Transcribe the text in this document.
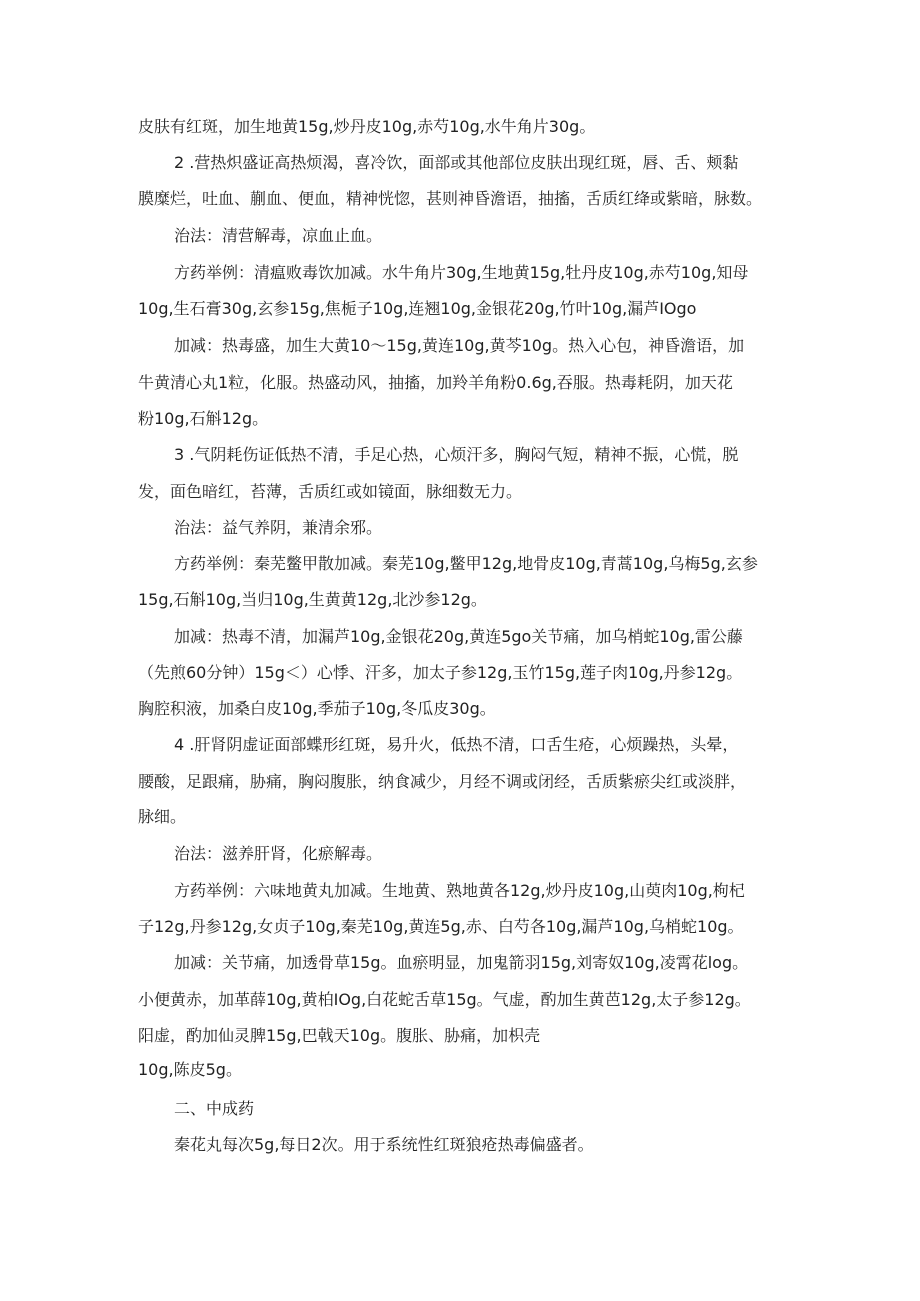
皮肤有红斑，加生地黄15g,炒丹皮10g,赤芍10g,水牛角片30g。
2 .营热炽盛证高热烦渴，喜冷饮，面部或其他部位皮肤出现红斑，唇、舌、颊黏
膜糜烂，吐血、蒯血、便血，精神恍惚，甚则神昏澹语，抽搐，舌质红绛或紫暗，脉数。
治法：清营解毒，凉血止血。
方药举例：清瘟败毒饮加减。水牛角片30g,生地黄15g,牡丹皮10g,赤芍10g,知母
10g,生石膏30g,玄参15g,焦栀子10g,连翘10g,金银花20g,竹叶10g,漏芦IOgo
加减：热毒盛，加生大黄10～15g,黄连10g,黄芩10g。热入心包，神昏澹语，加
牛黄清心丸1粒，化服。热盛动风，抽搐，加羚羊角粉0.6g,吞服。热毒耗阴，加天花
粉10g,石斛12g。
3 .气阴耗伤证低热不清，手足心热，心烦汗多，胸闷气短，精神不振，心慌，脱
发，面色暗红，苔薄，舌质红或如镜面，脉细数无力。
治法：益气养阴，兼清余邪。
方药举例：秦芜鳖甲散加减。秦芜10g,鳖甲12g,地骨皮10g,青蒿10g,乌梅5g,玄参
15g,石斛10g,当归10g,生黄黄12g,北沙参12g。
加减：热毒不清，加漏芦10g,金银花20g,黄连5go关节痛，加乌梢蛇10g,雷公藤
（先煎60分钟）15g＜）心悸、汗多，加太子参12g,玉竹15g,莲子肉10g,丹参12g。
胸腔积液，加桑白皮10g,季茄子10g,冬瓜皮30g。
4 .肝肾阴虚证面部蝶形红斑，易升火，低热不清，口舌生疮，心烦躁热，头晕，
腰酸，足跟痛，胁痛，胸闷腹胀，纳食减少，月经不调或闭经，舌质紫瘀尖红或淡胖，
脉细。
治法：滋养肝肾，化瘀解毒。
方药举例：六味地黄丸加减。生地黄、熟地黄各12g,炒丹皮10g,山萸肉10g,枸杞
子12g,丹参12g,女贞子10g,秦芜10g,黄连5g,赤、白芍各10g,漏芦10g,乌梢蛇10g。
加减：关节痛，加透骨草15g。血瘀明显，加鬼箭羽15g,刘寄奴10g,凌霄花log。
小便黄赤，加革薛10g,黄柏IOg,白花蛇舌草15g。气虚，酌加生黄芭12g,太子参12g。
阳虚，酌加仙灵脾15g,巴戟天10g。腹胀、胁痛，加枳壳
10g,陈皮5g。
二、中成药
秦花丸每次5g,每日2次。用于系统性红斑狼疮热毒偏盛者。
